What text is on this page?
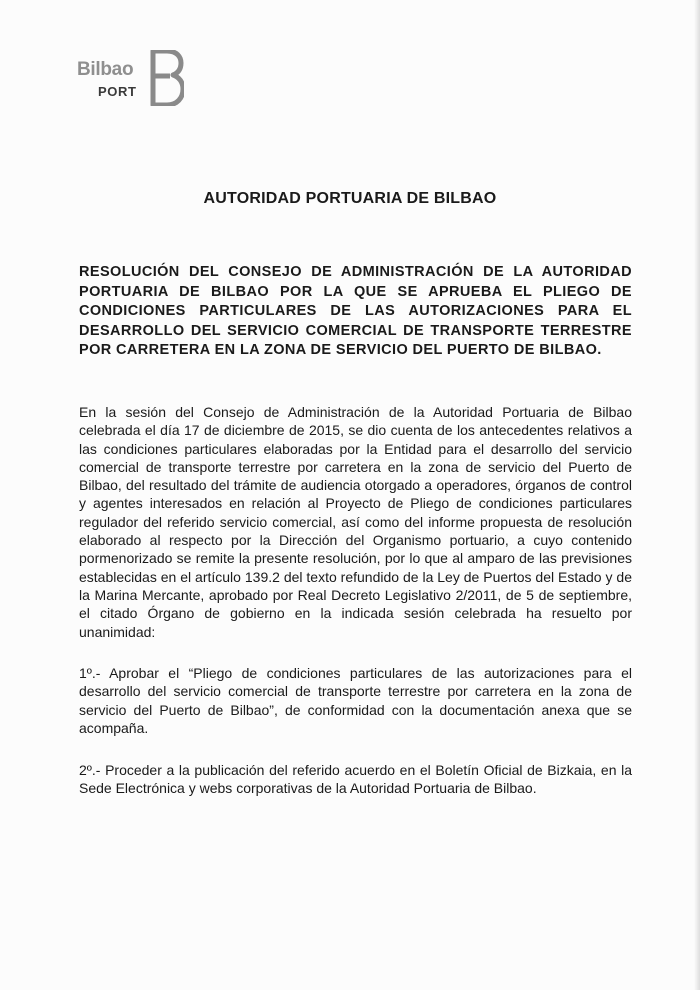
Bilbao
PORT
AUTORIDAD PORTUARIA DE BILBAO

RESOLUCIÓN DEL CONSEJO DE ADMINISTRACIÓN DE LA AUTORIDAD PORTUARIA DE BILBAO POR LA QUE SE APRUEBA EL PLIEGO DE CONDICIONES PARTICULARES DE LAS AUTORIZACIONES PARA EL DESARROLLO DEL SERVICIO COMERCIAL DE TRANSPORTE TERRESTRE POR CARRETERA EN LA ZONA DE SERVICIO DEL PUERTO DE BILBAO.

En la sesión del Consejo de Administración de la Autoridad Portuaria de Bilbao celebrada el día 17 de diciembre de 2015, se dio cuenta de los antecedentes relativos a las condiciones particulares elaboradas por la Entidad para el desarrollo del servicio comercial de transporte terrestre por carretera en la zona de servicio del Puerto de Bilbao, del resultado del trámite de audiencia otorgado a operadores, órganos de control y agentes interesados en relación al Proyecto de Pliego de condiciones particulares regulador del referido servicio comercial, así como del informe propuesta de resolución elaborado al respecto por la Dirección del Organismo portuario, a cuyo contenido pormenorizado se remite la presente resolución, por lo que al amparo de las previsiones establecidas en el artículo 139.2 del texto refundido de la Ley de Puertos del Estado y de la Marina Mercante, aprobado por Real Decreto Legislativo 2/2011, de 5 de septiembre, el citado Órgano de gobierno en la indicada sesión celebrada ha resuelto por unanimidad:

1º.- Aprobar el “Pliego de condiciones particulares de las autorizaciones para el desarrollo del servicio comercial de transporte terrestre por carretera en la zona de servicio del Puerto de Bilbao”, de conformidad con la documentación anexa que se acompaña.

2º.- Proceder a la publicación del referido acuerdo en el Boletín Oficial de Bizkaia, en la Sede Electrónica y webs corporativas de la Autoridad Portuaria de Bilbao.
